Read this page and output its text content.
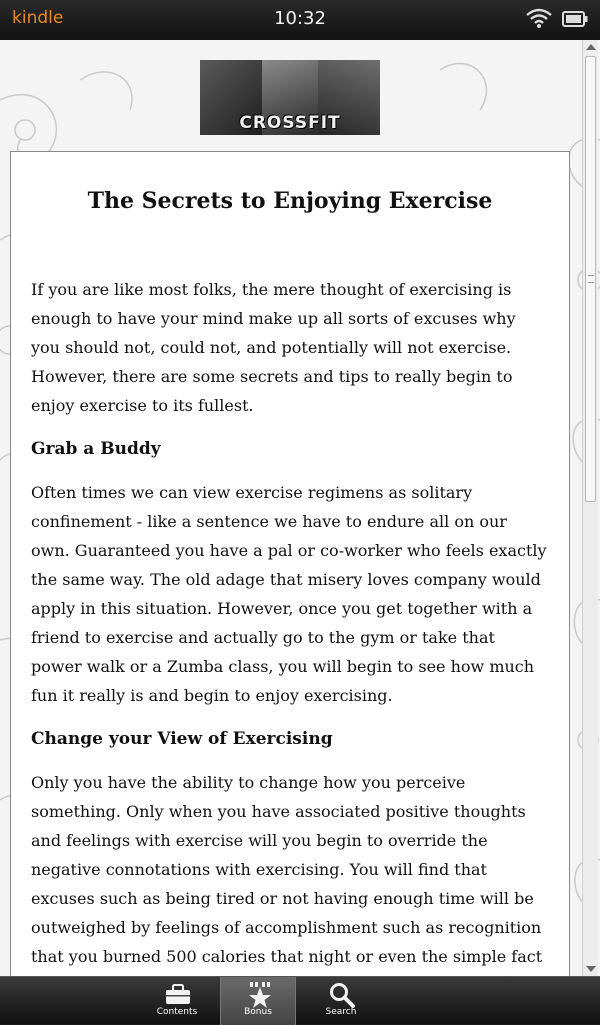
kindle	10:32
CROSSFIT
The Secrets to Enjoying Exercise

If you are like most folks, the mere thought of exercising is enough to have your mind make up all sorts of excuses why you should not, could not, and potentially will not exercise. However, there are some secrets and tips to really begin to enjoy exercise to its fullest.

Grab a Buddy

Often times we can view exercise regimens as solitary confinement - like a sentence we have to endure all on our own. Guaranteed you have a pal or co-worker who feels exactly the same way. The old adage that misery loves company would apply in this situation. However, once you get together with a friend to exercise and actually go to the gym or take that power walk or a Zumba class, you will begin to see how much fun it really is and begin to enjoy exercising.

Change your View of Exercising

Only you have the ability to change how you perceive something. Only when you have associated positive thoughts and feelings with exercise will you begin to override the negative connotations with exercising. You will find that excuses such as being tired or not having enough time will be outweighed by feelings of accomplishment such as recognition that you burned 500 calories that night or even the simple fact

Contents	Bonus	Search
